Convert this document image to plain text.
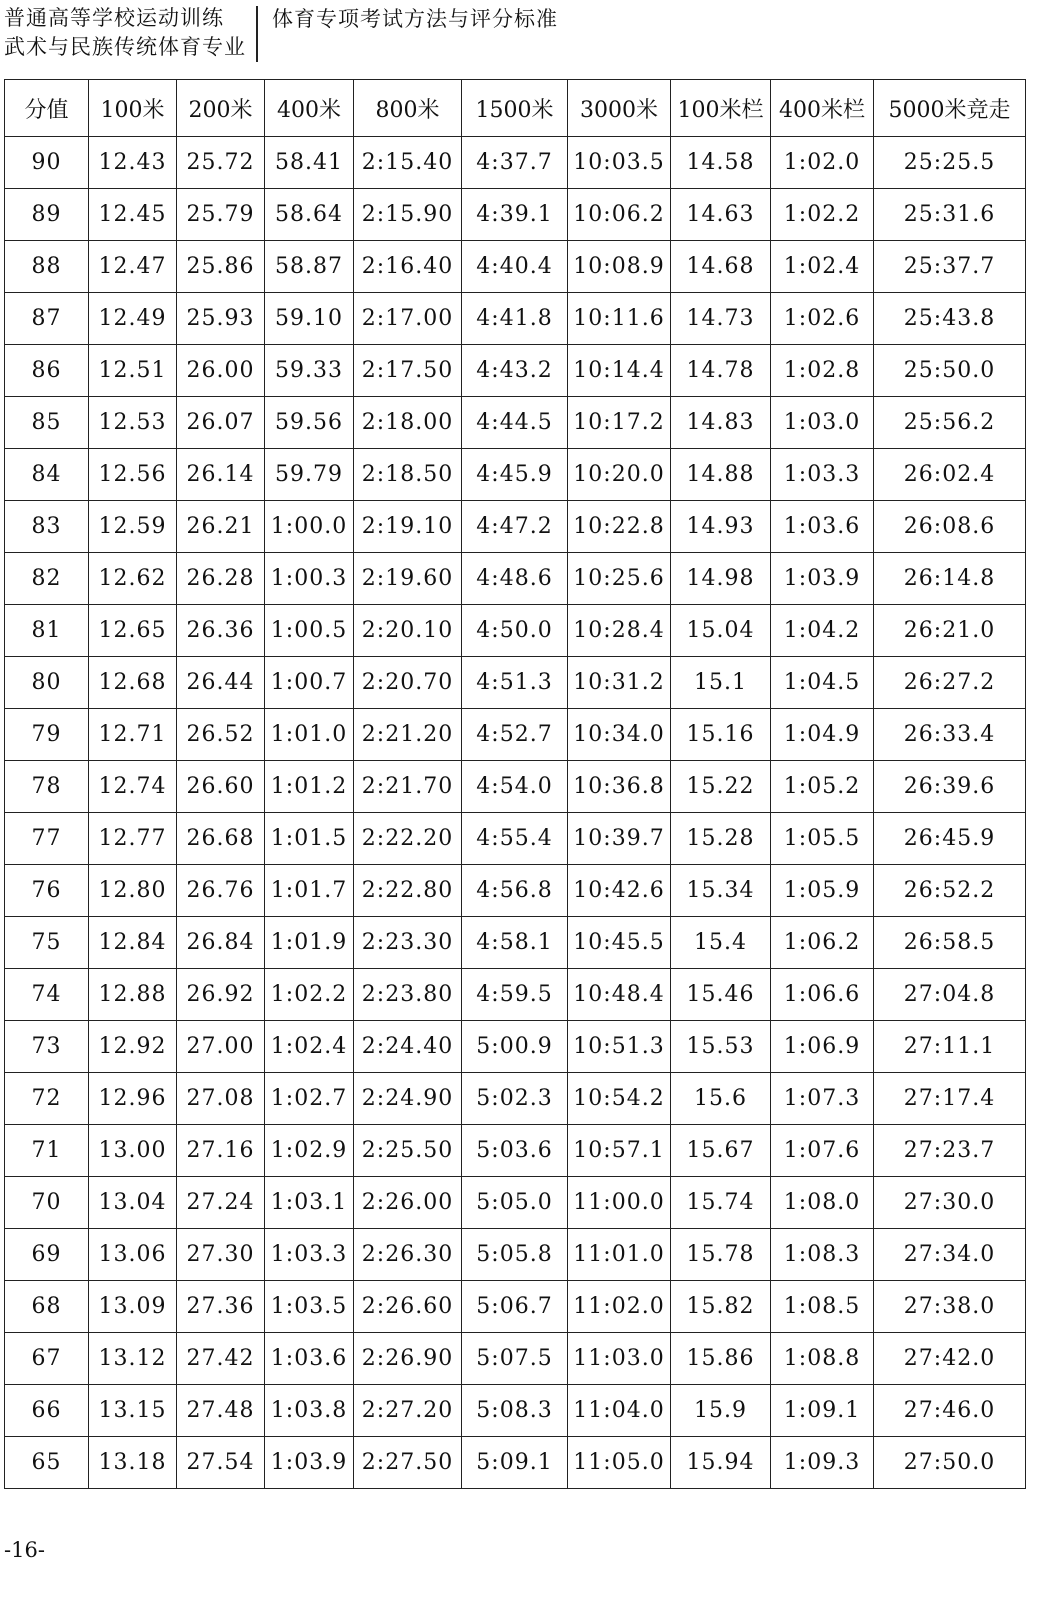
普通高等学校运动训练
武术与民族传统体育专业
体育专项考试方法与评分标准
分值	100米	200米	400米	800米	1500米	3000米	100米栏	400米栏	5000米竞走
90	12.43	25.72	58.41	2:15.40	4:37.7	10:03.5	14.58	1:02.0	25:25.5
89	12.45	25.79	58.64	2:15.90	4:39.1	10:06.2	14.63	1:02.2	25:31.6
88	12.47	25.86	58.87	2:16.40	4:40.4	10:08.9	14.68	1:02.4	25:37.7
87	12.49	25.93	59.10	2:17.00	4:41.8	10:11.6	14.73	1:02.6	25:43.8
86	12.51	26.00	59.33	2:17.50	4:43.2	10:14.4	14.78	1:02.8	25:50.0
85	12.53	26.07	59.56	2:18.00	4:44.5	10:17.2	14.83	1:03.0	25:56.2
84	12.56	26.14	59.79	2:18.50	4:45.9	10:20.0	14.88	1:03.3	26:02.4
83	12.59	26.21	1:00.0	2:19.10	4:47.2	10:22.8	14.93	1:03.6	26:08.6
82	12.62	26.28	1:00.3	2:19.60	4:48.6	10:25.6	14.98	1:03.9	26:14.8
81	12.65	26.36	1:00.5	2:20.10	4:50.0	10:28.4	15.04	1:04.2	26:21.0
80	12.68	26.44	1:00.7	2:20.70	4:51.3	10:31.2	15.1	1:04.5	26:27.2
79	12.71	26.52	1:01.0	2:21.20	4:52.7	10:34.0	15.16	1:04.9	26:33.4
78	12.74	26.60	1:01.2	2:21.70	4:54.0	10:36.8	15.22	1:05.2	26:39.6
77	12.77	26.68	1:01.5	2:22.20	4:55.4	10:39.7	15.28	1:05.5	26:45.9
76	12.80	26.76	1:01.7	2:22.80	4:56.8	10:42.6	15.34	1:05.9	26:52.2
75	12.84	26.84	1:01.9	2:23.30	4:58.1	10:45.5	15.4	1:06.2	26:58.5
74	12.88	26.92	1:02.2	2:23.80	4:59.5	10:48.4	15.46	1:06.6	27:04.8
73	12.92	27.00	1:02.4	2:24.40	5:00.9	10:51.3	15.53	1:06.9	27:11.1
72	12.96	27.08	1:02.7	2:24.90	5:02.3	10:54.2	15.6	1:07.3	27:17.4
71	13.00	27.16	1:02.9	2:25.50	5:03.6	10:57.1	15.67	1:07.6	27:23.7
70	13.04	27.24	1:03.1	2:26.00	5:05.0	11:00.0	15.74	1:08.0	27:30.0
69	13.06	27.30	1:03.3	2:26.30	5:05.8	11:01.0	15.78	1:08.3	27:34.0
68	13.09	27.36	1:03.5	2:26.60	5:06.7	11:02.0	15.82	1:08.5	27:38.0
67	13.12	27.42	1:03.6	2:26.90	5:07.5	11:03.0	15.86	1:08.8	27:42.0
66	13.15	27.48	1:03.8	2:27.20	5:08.3	11:04.0	15.9	1:09.1	27:46.0
65	13.18	27.54	1:03.9	2:27.50	5:09.1	11:05.0	15.94	1:09.3	27:50.0
-16-
